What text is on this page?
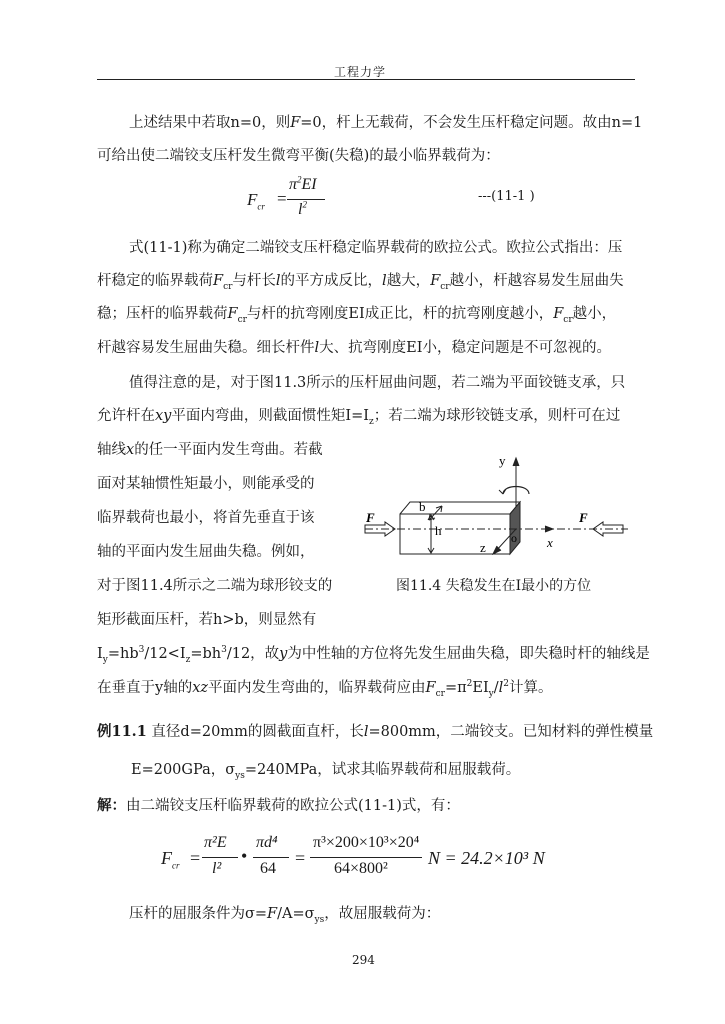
工程力学
上述结果中若取n=0，则F=0，杆上无载荷，不会发生压杆稳定问题。故由n=1
可给出使二端铰支压杆发生微弯平衡(失稳)的最小临界载荷为：
$F_{cr}$ =
$\pi^2EI$
$l^2$
---(11-1 )
式(11-1)称为确定二端铰支压杆稳定临界载荷的欧拉公式。欧拉公式指出：压
杆稳定的临界载荷$F_{cr}$与杆长l的平方成反比，l越大，$F_{cr}$越小，杆越容易发生屈曲失
稳；压杆的临界载荷$F_{cr}$与杆的抗弯刚度EI成正比，杆的抗弯刚度越小，$F_{cr}$越小，
杆越容易发生屈曲失稳。细长杆件l大、抗弯刚度EI小，稳定问题是不可忽视的。
值得注意的是，对于图11.3所示的压杆屈曲问题，若二端为平面铰链支承，只
允许杆在xy平面内弯曲，则截面惯性矩$I=I_z$；若二端为球形铰链支承，则杆可在过
轴线x的任一平面内发生弯曲。若截
面对某轴惯性矩最小，则能承受的
临界载荷也最小，将首先垂直于该
轴的平面内发生屈曲失稳。例如，
对于图11.4所示之二端为球形铰支的
矩形截面压杆，若h>b，则显然有
$I_y=hb^3/12<I_z=bh^3/12$，故y为中性轴的方位将先发生屈曲失稳，即失稳时杆的轴线是
在垂直于y轴的xz平面内发生弯曲的，临界载荷应由$F_{cr}=\pi^2EI_y/l^2$计算。
y
x
z
o
b
h
F	F
图11.4 失稳发生在I最小的方位
例11.1 直径d=20mm的圆截面直杆，长l=800mm，二端铰支。已知材料的弹性模量
E=200GPa，$\sigma_{ys}=240MPa$，试求其临界载荷和屈服载荷。
解：由二端铰支压杆临界载荷的欧拉公式(11-1)式，有：
$F_{cr}$ =
π²E
l²
•
πd⁴
64
=
π³×200×10³×20⁴
64×800²
N = 24.2×10³ N
压杆的屈服条件为$\sigma=F/A=\sigma_{ys}$，故屈服载荷为：
294
